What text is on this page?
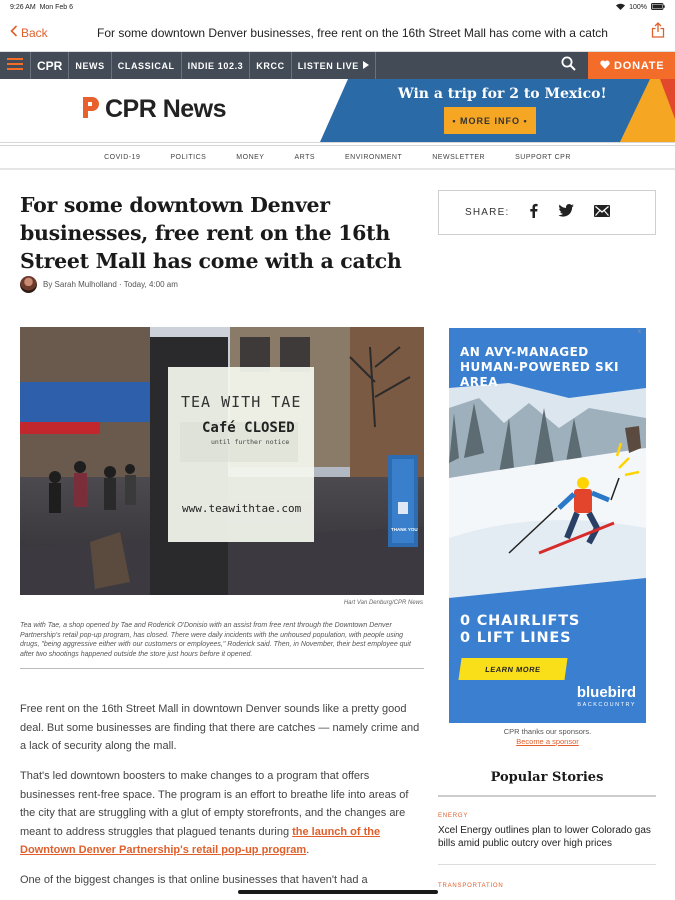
9:26 AM Mon Feb 6	100%
Back	For some downtown Denver businesses, free rent on the 16th Street Mall has come with a catch
CPR	NEWS	CLASSICAL	INDIE 102.3	KRCC	LISTEN LIVE	DONATE
CPR News
Win a trip for 2 to Mexico!
• MORE INFO •
COVID-19	POLITICS	MONEY	ARTS	ENVIRONMENT	NEWSLETTER	SUPPORT CPR
For some downtown Denver businesses, free rent on the 16th Street Mall has come with a catch
By Sarah Mulholland · Today, 4:00 am
SHARE:
TEA WITH TAE
Café CLOSED
until further notice
www.teawithtae.com
THANK YOU
Hart Van Denburg/CPR News
Tea with Tae, a shop opened by Tae and Roderick O'Donisio with an assist from free rent through the Downtown Denver Partnership's retail pop-up program, has closed. There were daily incidents with the unhoused population, with people using drugs, "being aggressive either with our customers or employees," Roderick said. Then, in November, their best employee quit after two shootings happened outside the store just hours before it opened.

Free rent on the 16th Street Mall in downtown Denver sounds like a pretty good deal. But some businesses are finding that there are catches — namely crime and a lack of security along the mall.

That's led downtown boosters to make changes to a program that offers businesses rent-free space. The program is an effort to breathe life into areas of the city that are struggling with a glut of empty storefronts, and the changes are meant to address struggles that plagued tenants during the launch of the Downtown Denver Partnership's retail pop-up program.

One of the biggest changes is that online businesses that haven't had a

AN AVY-MANAGED HUMAN-POWERED SKI AREA
0 CHAIRLIFTS
0 LIFT LINES
LEARN MORE
bluebird
BACKCOUNTRY
x
CPR thanks our sponsors.
Become a sponsor
Popular Stories
ENERGY
Xcel Energy outlines plan to lower Colorado gas bills amid public outcry over high prices
TRANSPORTATION
